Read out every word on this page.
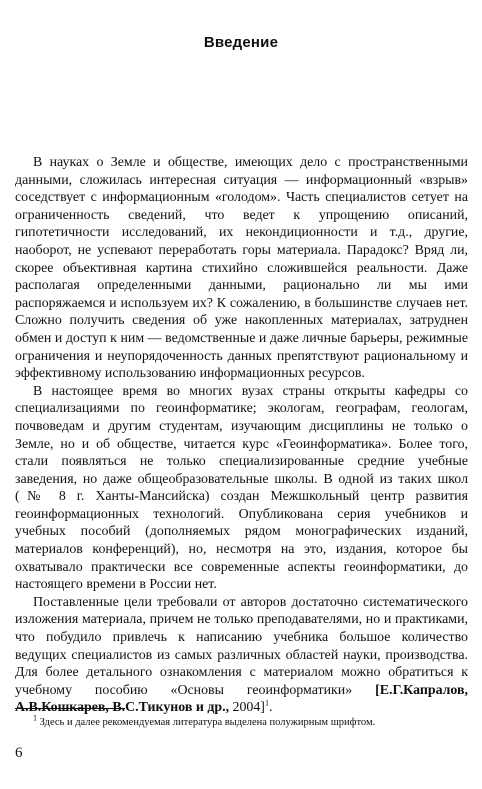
Введение

В науках о Земле и обществе, имеющих дело с пространственными данными, сложилась интересная ситуация — информационный «взрыв» соседствует с информационным «голодом». Часть специалистов сетует на ограниченность сведений, что ведет к упрощению описаний, гипотетичности исследований, их некондиционности и т.д., другие, наоборот, не успевают переработать горы материала. Парадокс? Вряд ли, скорее объективная картина стихийно сложившейся реальности. Даже располагая определенными данными, рационально ли мы ими распоряжаемся и используем их? К сожалению, в большинстве случаев нет. Сложно получить сведения об уже накопленных материалах, затруднен обмен и доступ к ним — ведомственные и даже личные барьеры, режимные ограничения и неупорядоченность данных препятствуют рациональному и эффективному использованию информационных ресурсов.

В настоящее время во многих вузах страны открыты кафедры со специализациями по геоинформатике; экологам, географам, геологам, почвоведам и другим студентам, изучающим дисциплины не только о Земле, но и об обществе, читается курс «Геоинформатика». Более того, стали появляться не только специализированные средние учебные заведения, но даже общеобразовательные школы. В одной из таких школ (№ 8 г. Ханты-Мансийска) создан Межшкольный центр развития геоинформационных технологий. Опубликована серия учебников и учебных пособий (дополняемых рядом монографических изданий, материалов конференций), но, несмотря на это, издания, которое бы охватывало практически все современные аспекты геоинформатики, до настоящего времени в России нет.

Поставленные цели требовали от авторов достаточно систематического изложения материала, причем не только преподавателями, но и практиками, что побудило привлечь к написанию учебника большое количество ведущих специалистов из самых различных областей науки, производства. Для более детального ознакомления с материалом можно обратиться к учебному пособию «Основы геоинформатики» [Е.Г.Капралов, А.В.Кошкарев, В.С.Тикунов и др., 2004]$^1$.

$^1$ Здесь и далее рекомендуемая литература выделена полужирным шрифтом.
6
